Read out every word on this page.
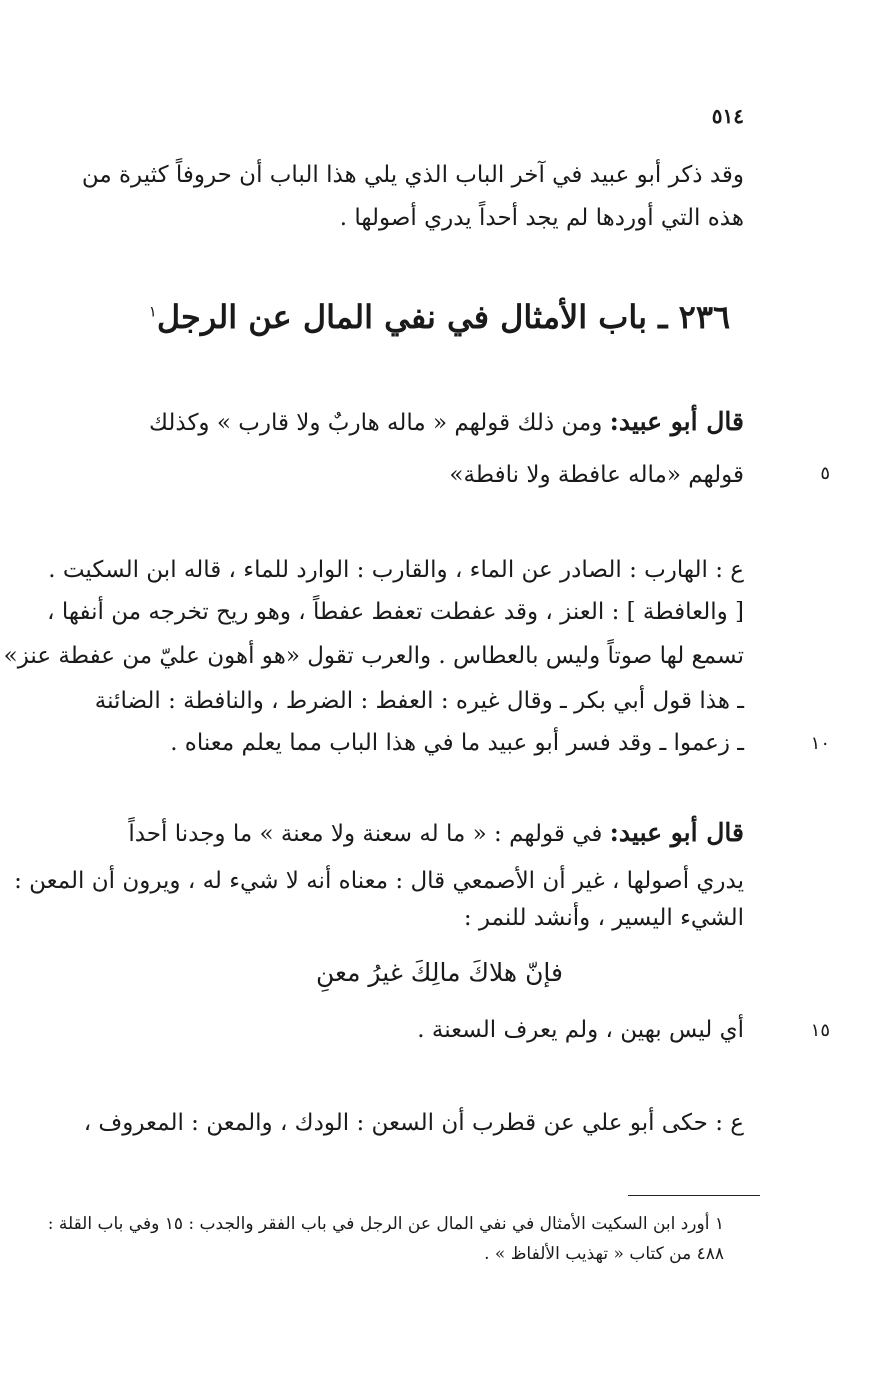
٥١٤
وقد ذكر أبو عبيد في آخر الباب الذي يلي هذا الباب أن حروفاً كثيرة من
هذه التي أوردها لم يجد أحداً يدري أصولها .
٢٣٦ ـ باب الأمثال في نفي المال عن الرجل$^١$
قال أبو عبيد: ومن ذلك قولهم « ماله هاربٌ ولا قارب » وكذلك
قولهم «ماله عافطة ولا نافطة»	٥
ع : الهارب : الصادر عن الماء ، والقارب : الوارد للماء ، قاله ابن السكيت .
[ والعافطة ] : العنز ، وقد عفطت تعفط عفطاً ، وهو ريح تخرجه من أنفها ،
تسمع لها صوتاً وليس بالعطاس . والعرب تقول «هو أهون عليّ من عفطة عنز»
ـ هذا قول أبي بكر ـ وقال غيره : العفط : الضرط ، والنافطة : الضائنة
ـ زعموا ـ وقد فسر أبو عبيد ما في هذا الباب مما يعلم معناه .	١٠
قال أبو عبيد: في قولهم : « ما له سعنة ولا معنة » ما وجدنا أحداً
يدري أصولها ، غير أن الأصمعي قال : معناه أنه لا شيء له ، ويرون أن المعن :
الشيء اليسير ، وأنشد للنمر :
فإنّ هلاكَ مالِكَ غيرُ معنِ
أي ليس بهين ، ولم يعرف السعنة .	١٥
ع : حكى أبو علي عن قطرب أن السعن : الودك ، والمعن : المعروف ،
١ أورد ابن السكيت الأمثال في نفي المال عن الرجل في باب الفقر والجدب : ١٥ وفي باب القلة :
٤٨٨ من كتاب « تهذيب الألفاظ » .
